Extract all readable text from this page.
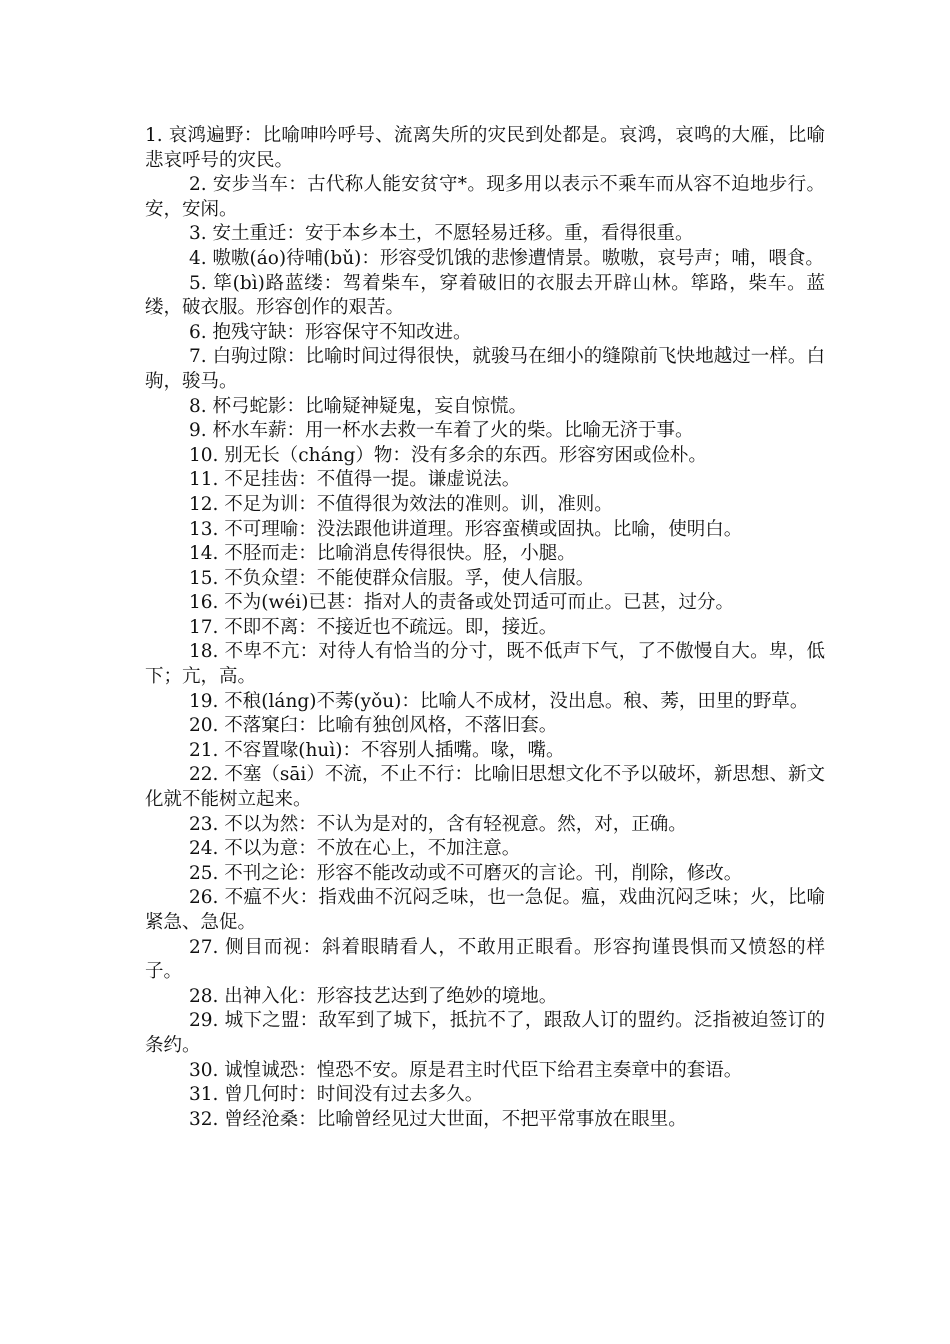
1. 哀鸿遍野：比喻呻吟呼号、流离失所的灾民到处都是。哀鸿，哀鸣的大雁，比喻悲哀呼号的灾民。

2. 安步当车：古代称人能安贫守*。现多用以表示不乘车而从容不迫地步行。安，安闲。

3. 安土重迁：安于本乡本土，不愿轻易迁移。重，看得很重。

4. 嗷嗷(áo)待哺(bǔ)：形容受饥饿的悲惨遭情景。嗷嗷，哀号声；哺，喂食。

5. 筚(bì)路蓝缕：驾着柴车，穿着破旧的衣服去开辟山林。筚路，柴车。蓝缕，破衣服。形容创作的艰苦。

6. 抱残守缺：形容保守不知改进。

7. 白驹过隙：比喻时间过得很快，就骏马在细小的缝隙前飞快地越过一样。白驹，骏马。

8. 杯弓蛇影：比喻疑神疑鬼，妄自惊慌。

9. 杯水车薪：用一杯水去救一车着了火的柴。比喻无济于事。

10. 别无长（cháng）物：没有多余的东西。形容穷困或俭朴。

11. 不足挂齿：不值得一提。谦虚说法。

12. 不足为训：不值得很为效法的准则。训，准则。

13. 不可理喻：没法跟他讲道理。形容蛮横或固执。比喻，使明白。

14. 不胫而走：比喻消息传得很快。胫，小腿。

15. 不负众望：不能使群众信服。孚，使人信服。

16. 不为(wéi)已甚：指对人的责备或处罚适可而止。已甚，过分。

17. 不即不离：不接近也不疏远。即，接近。

18. 不卑不亢：对待人有恰当的分寸，既不低声下气，了不傲慢自大。卑，低下；亢，高。

19. 不稂(láng)不莠(yǒu)：比喻人不成材，没出息。稂、莠，田里的野草。

20. 不落窠臼：比喻有独创风格，不落旧套。

21. 不容置喙(huì)：不容别人插嘴。喙，嘴。

22. 不塞（sāi）不流，不止不行：比喻旧思想文化不予以破坏，新思想、新文化就不能树立起来。

23. 不以为然：不认为是对的，含有轻视意。然，对，正确。

24. 不以为意：不放在心上，不加注意。

25. 不刊之论：形容不能改动或不可磨灭的言论。刊，削除，修改。

26. 不瘟不火：指戏曲不沉闷乏味，也一急促。瘟，戏曲沉闷乏味；火，比喻紧急、急促。

27. 侧目而视：斜着眼睛看人，不敢用正眼看。形容拘谨畏惧而又愤怒的样子。

28. 出神入化：形容技艺达到了绝妙的境地。

29. 城下之盟：敌军到了城下，抵抗不了，跟敌人订的盟约。泛指被迫签订的条约。

30. 诚惶诚恐：惶恐不安。原是君主时代臣下给君主奏章中的套语。

31. 曾几何时：时间没有过去多久。

32. 曾经沧桑：比喻曾经见过大世面，不把平常事放在眼里。
